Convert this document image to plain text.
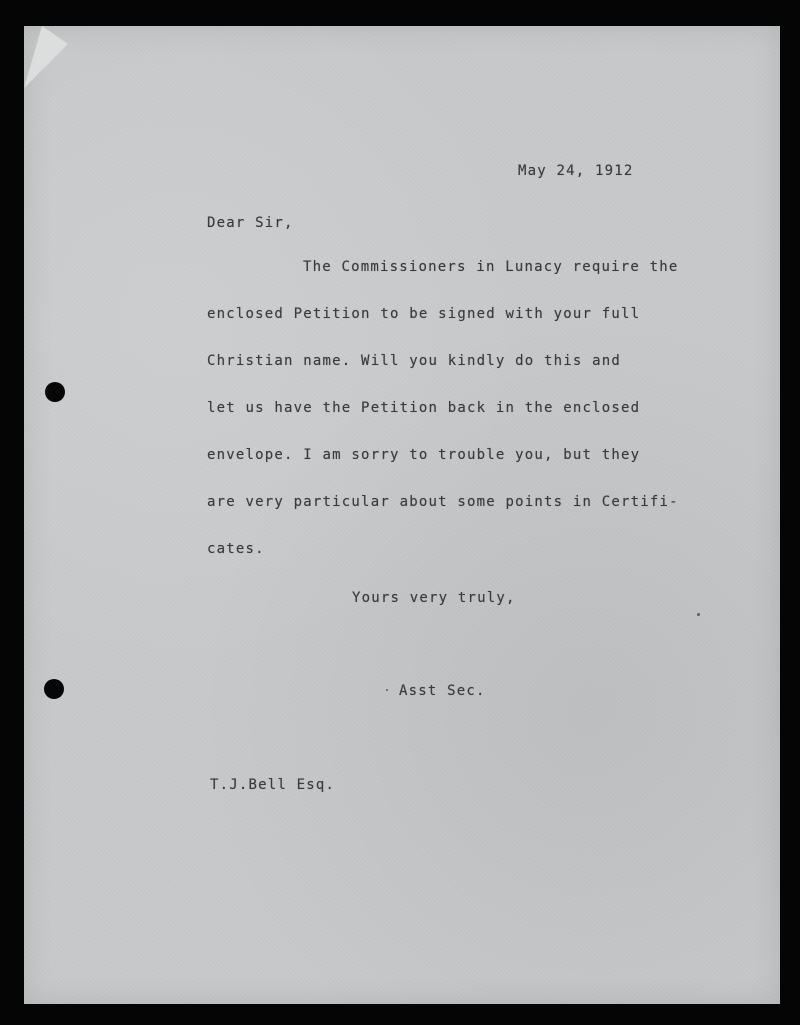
May 24, 1912
Dear Sir,
The Commissioners in Lunacy require the
enclosed Petition to be signed with your full
Christian name. Will you kindly do this and
let us have the Petition back in the enclosed
envelope. I am sorry to trouble you, but they
are very particular about some points in Certifi-
cates.
Yours very truly,
Asst Sec.
T.J.Bell Esq.
